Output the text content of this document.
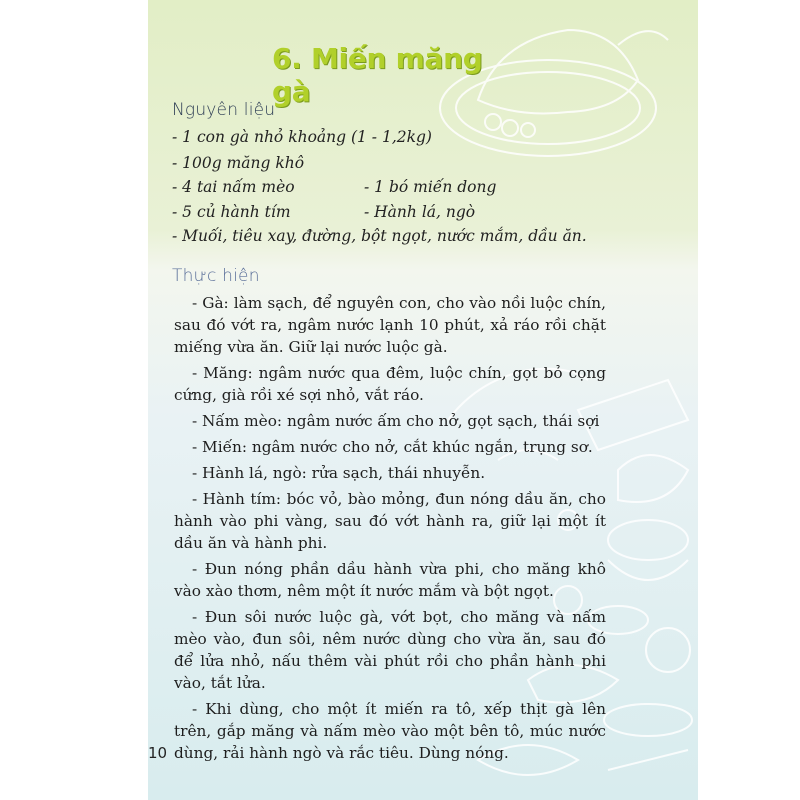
6. Miến măng gà
Nguyên liệu
- 1 con gà nhỏ khoảng (1 - 1,2kg)
- 100g măng khô
- 4 tai nấm mèo	- 1 bó miến dong
- 5 củ hành tím	- Hành lá, ngò
- Muối, tiêu xay, đường, bột ngọt, nước mắm, dầu ăn.
Thực hiện

- Gà: làm sạch, để nguyên con, cho vào nồi luộc chín, sau đó vớt ra, ngâm nước lạnh 10 phút, xả ráo rồi chặt miếng vừa ăn. Giữ lại nước luộc gà.

- Măng: ngâm nước qua đêm, luộc chín, gọt bỏ cọng cứng, già rồi xé sợi nhỏ, vắt ráo.

- Nấm mèo: ngâm nước ấm cho nở, gọt sạch, thái sợi

- Miến: ngâm nước cho nở, cắt khúc ngắn, trụng sơ.

- Hành lá, ngò: rửa sạch, thái nhuyễn.

- Hành tím: bóc vỏ, bào mỏng, đun nóng dầu ăn, cho hành vào phi vàng, sau đó vớt hành ra, giữ lại một ít dầu ăn và hành phi.

- Đun nóng phần dầu hành vừa phi, cho măng khô vào xào thơm, nêm một ít nước mắm và bột ngọt.

- Đun sôi nước luộc gà, vớt bọt, cho măng và nấm mèo vào, đun sôi, nêm nước dùng cho vừa ăn, sau đó để lửa nhỏ, nấu thêm vài phút rồi cho phần hành phi vào, tắt lửa.

- Khi dùng, cho một ít miến ra tô, xếp thịt gà lên trên, gắp măng và nấm mèo vào một bên tô, múc nước dùng, rải hành ngò và rắc tiêu. Dùng nóng.

10
